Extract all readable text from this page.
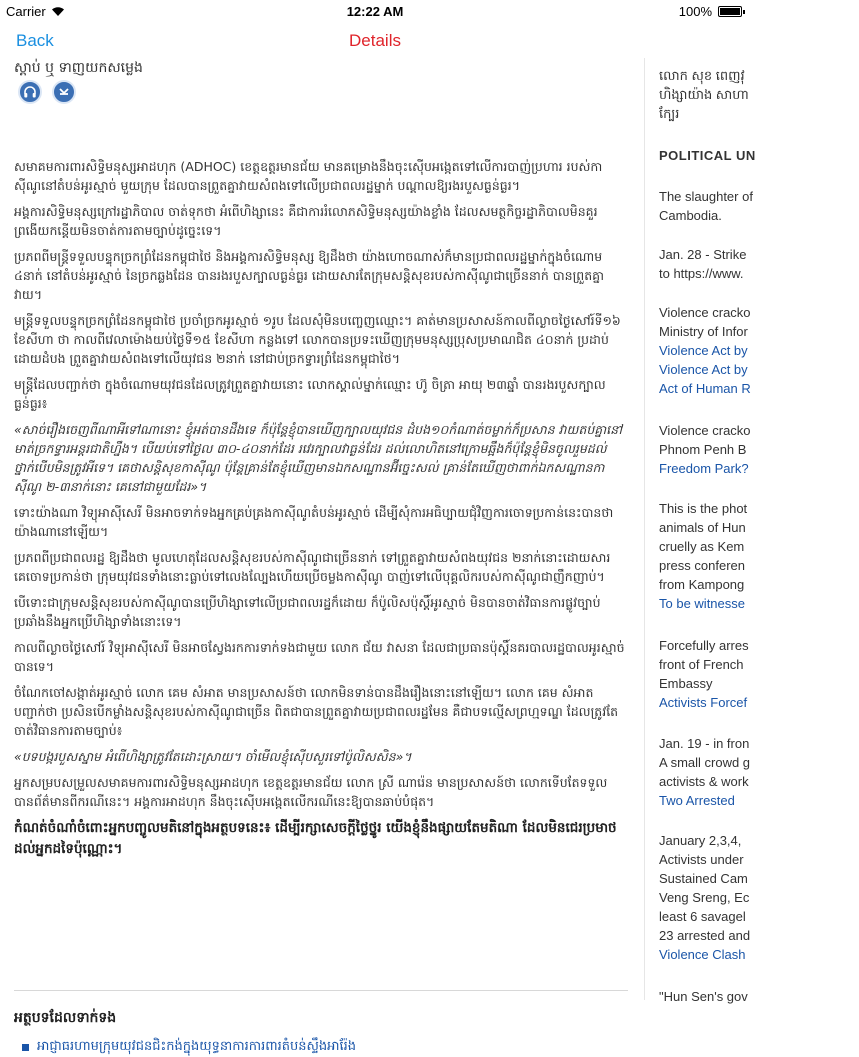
Carrier	12:22 AM	100%
Back	Details
ស្ដាប់ ឬ ទាញយកសម្លេង

សមាគមការពារសិទ្ធិមនុស្សអាដហុក (ADHOC) ខេត្តឧត្តរមានជ័យ មានគម្រោងនឹងចុះស៊ើបអង្កេតទៅលើការបាញ់ប្រហារ របស់កាស៊ីណូនៅតំបន់អូរស្មាច់ មួយក្រុម ដែលបានព្រួតគ្នាវាយសំពងទៅលើប្រជាពលរដ្ឋម្នាក់ បណ្ដាលឱ្យរងរបួសធ្ងន់ធ្ងរ។

អង្គការសិទ្ធិមនុស្សក្រៅរដ្ឋាភិបាល ចាត់ទុកថា អំពើហិង្សានេះ គឺជាការរំលោភសិទ្ធិមនុស្សយ៉ាងខ្លាំង ដែលសមត្ថកិច្ចរដ្ឋាភិបាលមិនគួរព្រងើយកន្តើយមិនចាត់ការតាមច្បាប់ដូច្នេះទេ។

ប្រភពពីមន្ត្រីទទួលបន្ទុកច្រកព្រំដែនកម្ពុជាថៃ និងអង្គការសិទ្ធិមនុស្ស ឱ្យដឹងថា យ៉ាងហោចណាស់ក៏មានប្រជាពលរដ្ឋម្នាក់ក្នុងចំណោម ៤នាក់ នៅតំបន់អូរស្មាច់ នៃច្រកឆ្លងដែន បានរងរបួសក្បាលធ្ងន់ធ្ងរ ដោយសារតែក្រុមសន្តិសុខរបស់កាស៊ីណូជាច្រើននាក់ បានព្រួតគ្នាវាយ។

មន្ត្រីទទួលបន្ទុកច្រកព្រំដែនកម្ពុជាថៃ ប្រចាំច្រកអូរស្មាច់ ១រូប ដែលសុំមិនបញ្ចេញឈ្មោះ។ គាត់មានប្រសាសន៍កាលពីល្ងាចថ្ងៃសៅរ៍ទី១៦ ខែសីហា ថា កាលពីវេលាម៉ោងយប់ថ្ងៃទី១៥ ខែសីហា កន្លងទៅ លោកបានប្រទះឃើញក្រុមមនុស្សប្រុសប្រមាណជិត ៤០នាក់ ប្រដាប់ដោយដំបង ព្រួតគ្នាវាយសំពងទៅលើយុវជន ២នាក់ នៅជាប់ច្រកទ្វារព្រំដែនកម្ពុជាថៃ។

មន្ត្រីដែលបញ្ជាក់ថា ក្នុងចំណោមយុវជនដែលត្រូវព្រួតគ្នាវាយនោះ លោកស្គាល់ម្នាក់ឈ្មោះ ហ៊ូ ចិត្រា អាយុ ២៣ឆ្នាំ បានរងរបួសក្បាលធ្ងន់ធ្ងរ៖

«សាច់រឿងចេញពីណាអីទៅណានោះ ខ្ញុំអត់បានដឹងទេ ក៏ប៉ុន្តែខ្ញុំបានឃើញក្បាលយុវជន ដំបង១០កំណាត់ចម្លាក់ក៏ប្រសាន វាយតប់គ្នានៅមាត់ច្រកទ្វារអន្តរជាតិហ្នឹង។ បើយប់ទៅថ្ងៃល ៣០-៤០នាក់ដែរ រវេរក្បាលវាធ្ងន់ដែរ ដល់លោហិតនៅក្រោមឆ្អឹងក៏ប៉ុន្តែខ្ញុំមិនចូលរួមដល់ថ្នាក់បើបមិនត្រូវអីទេ។ គេថាសន្តិសុខកាស៊ីណូ ប៉ុន្តែគ្រាន់តែខ្ញុំឃើញមានឯកសណ្ឋានអ៊ីច្នេះសល់ គ្រាន់តែឃើញថាពាក់ឯកសណ្ឋានកាស៊ីណូ ២-៣នាក់នោះ គេនៅជាមួយដែរ»។

ទោះយ៉ាងណា វិទ្យុអាស៊ីសេរី មិនអាចទាក់ទងអ្នកគ្រប់គ្រងកាស៊ីណូតំបន់អូរស្មាច់ ដើម្បីសុំការអធិប្បាយជុំវិញការចោទប្រកាន់នេះបានថាយ៉ាងណានៅឡើយ។

ប្រភពពីប្រជាពលរដ្ឋ ឱ្យដឹងថា មូលហេតុដែលសន្តិសុខរបស់កាស៊ីណូជាច្រើននាក់ ទៅព្រួតគ្នាវាយសំពងយុវជន ២នាក់នោះដោយសារគេចោទប្រកាន់ថា ក្រុមយុវជនទាំងនោះធ្លាប់ទៅលេងល្បែងហើយប្រើចម្លងកាស៊ីណូ បាញ់ទៅលើបុគ្គលិករបស់កាស៊ីណូជាញឹកញាប់។

បើទោះជាក្រុមសន្តិសុខរបស់កាស៊ីណូបានប្រើហិង្សាទៅលើប្រជាពលរដ្ឋក៏ដោយ ក៏ប៉ូលិសប៉ុស្តិ៍អូរស្មាច់ មិនបានចាត់វិធានការផ្លូវច្បាប់ ប្រឆាំងនឹងអ្នកប្រើហិង្សាទាំងនោះទេ។

កាលពីល្ងាចថ្ងៃសៅរ៍ វិទ្យុអាស៊ីសេរី មិនអាចស្វែងរកការទាក់ទងជាមួយ លោក ជ័យ វាសនា ដែលជាប្រធានប៉ុស្តិ៍នគរបាលរដ្ឋបាលអូរស្មាច់ បានទេ។

ចំណែកចៅសង្កាត់អូរស្មាច់ លោក គេម សំអាត មានប្រសាសន៍ថា លោកមិនទាន់បានដឹងរឿងនោះនៅឡើយ។ លោក គេម សំអាត បញ្ជាក់ថា ប្រសិនបើកម្លាំងសន្តិសុខរបស់កាស៊ីណូជាច្រើន ពិតជាបានព្រួតគ្នាវាយប្រជាពលរដ្ឋមែន គឺជាបទល្មើសព្រហ្មទណ្ឌ ដែលត្រូវតែចាត់វិធានការតាមច្បាប់៖

«បទបង្ករបួសស្នាម អំពើហិង្សាត្រូវតែដោះស្រាយ។ ចាំមើលខ្ញុំស៊ើបសួរទៅប៉ូលិសសិន»។

អ្នកសម្របសម្រួលសមាគមការពារសិទ្ធិមនុស្សអាដហុក ខេត្តឧត្តរមានជ័យ លោក ស្រី ណារ៉េន មានប្រសាសន៍ថា លោកទើបតែទទួលបានព័ត៌មានពីករណីនេះ។ អង្គការអាដហុក នឹងចុះស៊ើបអង្កេតលើករណីនេះឱ្យបានឆាប់បំផុត។

កំណត់ចំណាំចំពោះអ្នកបញ្ចូលមតិនៅក្នុងអត្ថបទនេះ៖ ដើម្បីរក្សាសេចក្ដីថ្លៃថ្នូរ យើងខ្ញុំនឹងផ្សាយតែមតិណា ដែលមិនជេរប្រមាថដល់អ្នកដទៃប៉ុណ្ណោះ។

អត្ថបទដែលទាក់ទង
អាជ្ញាធរហាមក្រុមយុវជនជិះកង់ក្នុងយុទ្ធនាការការពារតំបន់ស្ទឹងអារ៉ែង
លោក សុខ ពេញវុ
ហិង្សាយ៉ាង សាហា
ក្បែរ
POLITICAL UN
The slaughter of
Cambodia.
Jan. 28 - Strike
to https://www.
Violence cracko
Ministry of Infor
Violence Act by
Violence Act by
Act of Human R
Violence cracko
Phnom Penh B
Freedom Park?
This is the phot
animals of Hun
cruelly as Kem
press conferen
from Kampong
To be witnesse
Forcefully arres
front of French
Embassy
Activists Forcef
Jan. 19 - in fron
A small crowd g
activists & work
Two Arrested
January 2,3,4,
Activists under
Sustained Cam
Veng Sreng, Ec
least 6 savagel
23 arrested and
Violence Clash
"Hun Sen's gov
